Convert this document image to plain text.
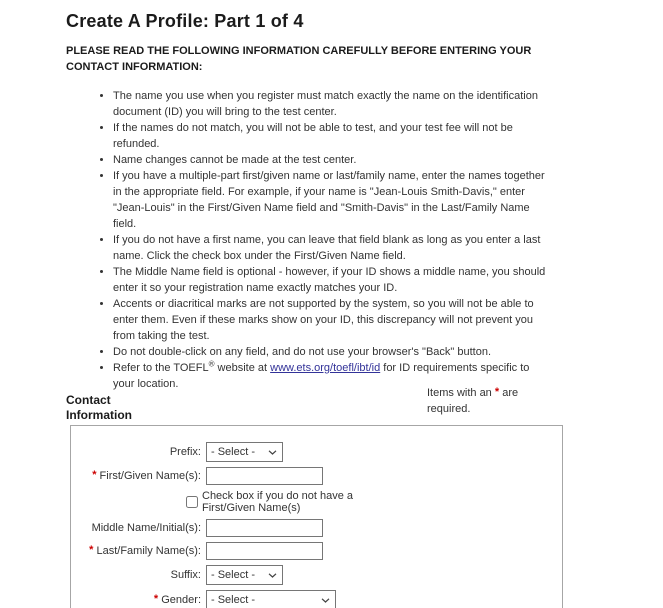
Create A Profile: Part 1 of 4
PLEASE READ THE FOLLOWING INFORMATION CAREFULLY BEFORE ENTERING YOUR CONTACT INFORMATION:
• The name you use when you register must match exactly the name on the identification document (ID) you will bring to the test center.
• If the names do not match, you will not be able to test, and your test fee will not be refunded.
• Name changes cannot be made at the test center.
• If you have a multiple-part first/given name or last/family name, enter the names together in the appropriate field. For example, if your name is "Jean-Louis Smith-Davis," enter "Jean-Louis" in the First/Given Name field and "Smith-Davis" in the Last/Family Name field.
• If you do not have a first name, you can leave that field blank as long as you enter a last name. Click the check box under the First/Given Name field.
• The Middle Name field is optional - however, if your ID shows a middle name, you should enter it so your registration name exactly matches your ID.
• Accents or diacritical marks are not supported by the system, so you will not be able to enter them. Even if these marks show on your ID, this discrepancy will not prevent you from taking the test.
• Do not double-click on any field, and do not use your browser's "Back" button.
• Refer to the TOEFL® website at www.ets.org/toefl/ibt/id for ID requirements specific to your location.
Contact Information
Items with an * are required.
Prefix:
- Select -
* First/Given Name(s):
Check box if you do not have a First/Given Name(s)
Middle Name/Initial(s):
* Last/Family Name(s):
Suffix:
- Select -
* Gender:
- Select -
